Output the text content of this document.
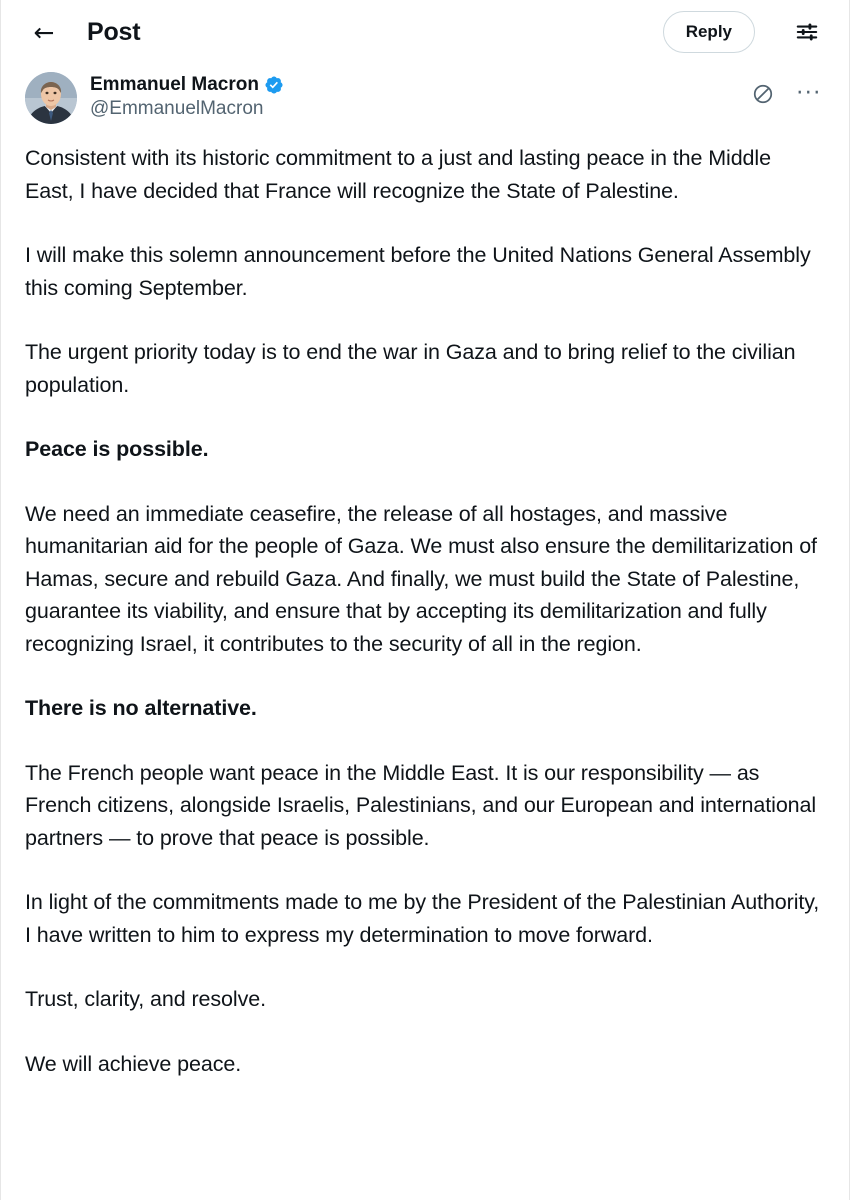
← Post	Reply
Emmanuel Macron
@EmmanuelMacron
···

Consistent with its historic commitment to a just and lasting peace in the Middle East, I have decided that France will recognize the State of Palestine.

I will make this solemn announcement before the United Nations General Assembly this coming September.

The urgent priority today is to end the war in Gaza and to bring relief to the civilian population.

Peace is possible.

We need an immediate ceasefire, the release of all hostages, and massive humanitarian aid for the people of Gaza. We must also ensure the demilitarization of Hamas, secure and rebuild Gaza. And finally, we must build the State of Palestine, guarantee its viability, and ensure that by accepting its demilitarization and fully recognizing Israel, it contributes to the security of all in the region.

There is no alternative.

The French people want peace in the Middle East. It is our responsibility — as French citizens, alongside Israelis, Palestinians, and our European and international partners — to prove that peace is possible.

In light of the commitments made to me by the President of the Palestinian Authority, I have written to him to express my determination to move forward.

Trust, clarity, and resolve.

We will achieve peace.
